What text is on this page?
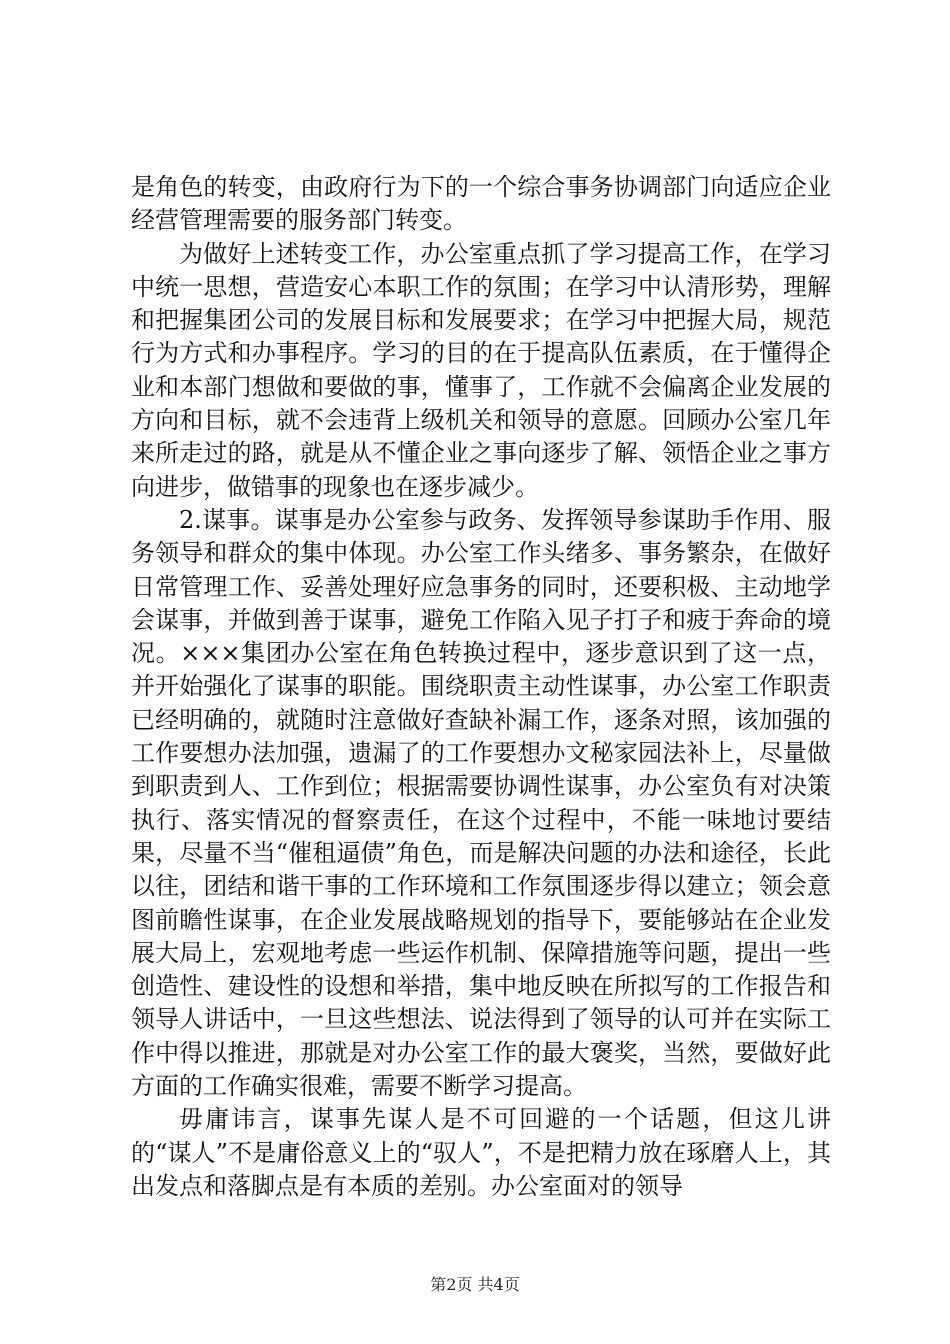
是角色的转变，由政府行为下的一个综合事务协调部门向适应企业经营管理需要的服务部门转变。

为做好上述转变工作，办公室重点抓了学习提高工作，在学习中统一思想，营造安心本职工作的氛围；在学习中认清形势，理解和把握集团公司的发展目标和发展要求；在学习中把握大局，规范行为方式和办事程序。学习的目的在于提高队伍素质，在于懂得企业和本部门想做和要做的事，懂事了，工作就不会偏离企业发展的方向和目标，就不会违背上级机关和领导的意愿。回顾办公室几年来所走过的路，就是从不懂企业之事向逐步了解、领悟企业之事方向进步，做错事的现象也在逐步减少。

2.谋事。谋事是办公室参与政务、发挥领导参谋助手作用、服务领导和群众的集中体现。办公室工作头绪多、事务繁杂，在做好日常管理工作、妥善处理好应急事务的同时，还要积极、主动地学会谋事，并做到善于谋事，避免工作陷入见子打子和疲于奔命的境况。×××集团办公室在角色转换过程中，逐步意识到了这一点，并开始强化了谋事的职能。围绕职责主动性谋事，办公室工作职责已经明确的，就随时注意做好查缺补漏工作，逐条对照，该加强的工作要想办法加强，遗漏了的工作要想办文秘家园法补上，尽量做到职责到人、工作到位；根据需要协调性谋事，办公室负有对决策执行、落实情况的督察责任，在这个过程中，不能一味地讨要结果，尽量不当“催租逼债”角色，而是解决问题的办法和途径，长此以往，团结和谐干事的工作环境和工作氛围逐步得以建立；领会意图前瞻性谋事，在企业发展战略规划的指导下，要能够站在企业发展大局上，宏观地考虑一些运作机制、保障措施等问题，提出一些创造性、建设性的设想和举措，集中地反映在所拟写的工作报告和领导人讲话中，一旦这些想法、说法得到了领导的认可并在实际工作中得以推进，那就是对办公室工作的最大褒奖，当然，要做好此方面的工作确实很难，需要不断学习提高。

毋庸讳言，谋事先谋人是不可回避的一个话题，但这儿讲的“谋人”不是庸俗意义上的“驭人”，不是把精力放在琢磨人上，其出发点和落脚点是有本质的差别。办公室面对的领导

第2页 共4页
